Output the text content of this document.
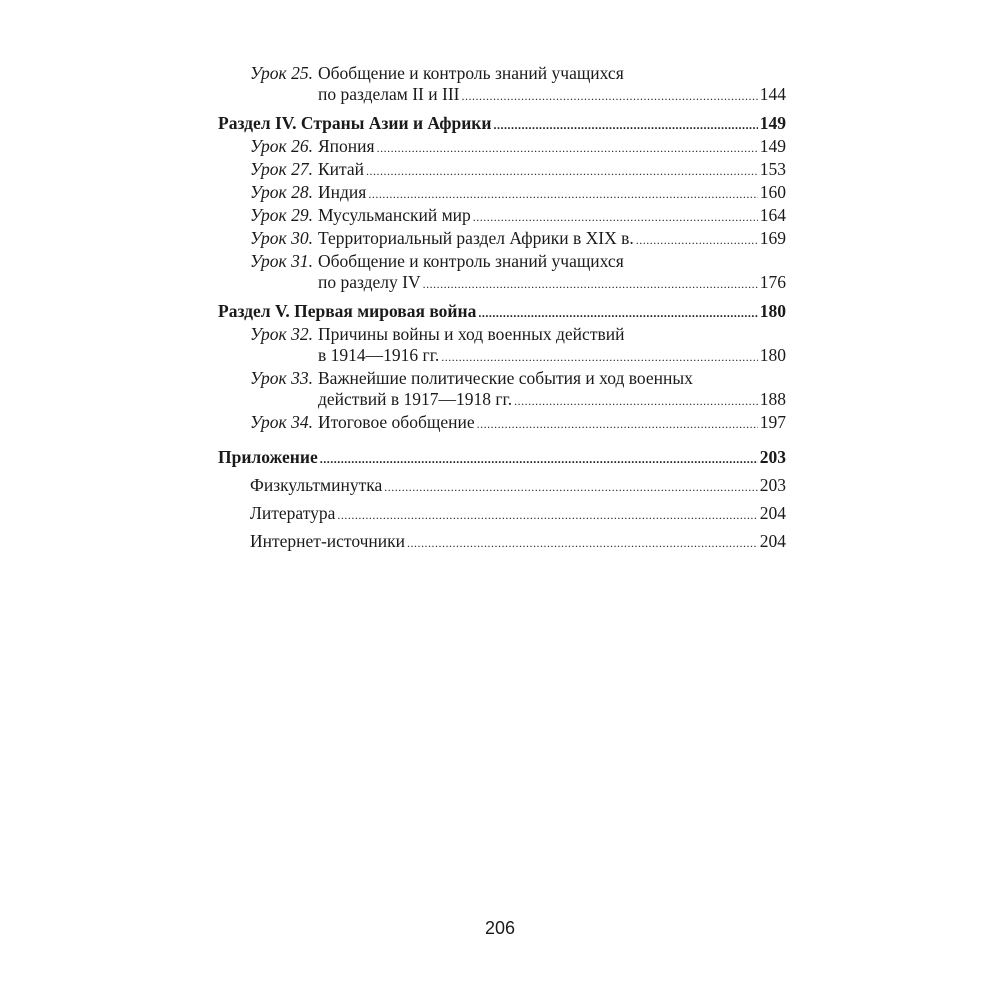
Урок 25. Обобщение и контроль знаний учащихся
по разделам II и III .....	144
Раздел IV. Страны Азии и Африки .....	149
Урок 26. Япония .....	149
Урок 27. Китай .....	153
Урок 28. Индия .....	160
Урок 29. Мусульманский мир .....	164
Урок 30. Территориальный раздел Африки в XIX в. .....	169
Урок 31. Обобщение и контроль знаний учащихся
по разделу IV .....	176
Раздел V. Первая мировая война .....	180
Урок 32. Причины войны и ход военных действий
в 1914—1916 гг. .....	180
Урок 33. Важнейшие политические события и ход военных
действий в 1917—1918 гг. .....	188
Урок 34. Итоговое обобщение .....	197
Приложение .....	203
Физкультминутка .....	203
Литература .....	204
Интернет-источники .....	204
206
